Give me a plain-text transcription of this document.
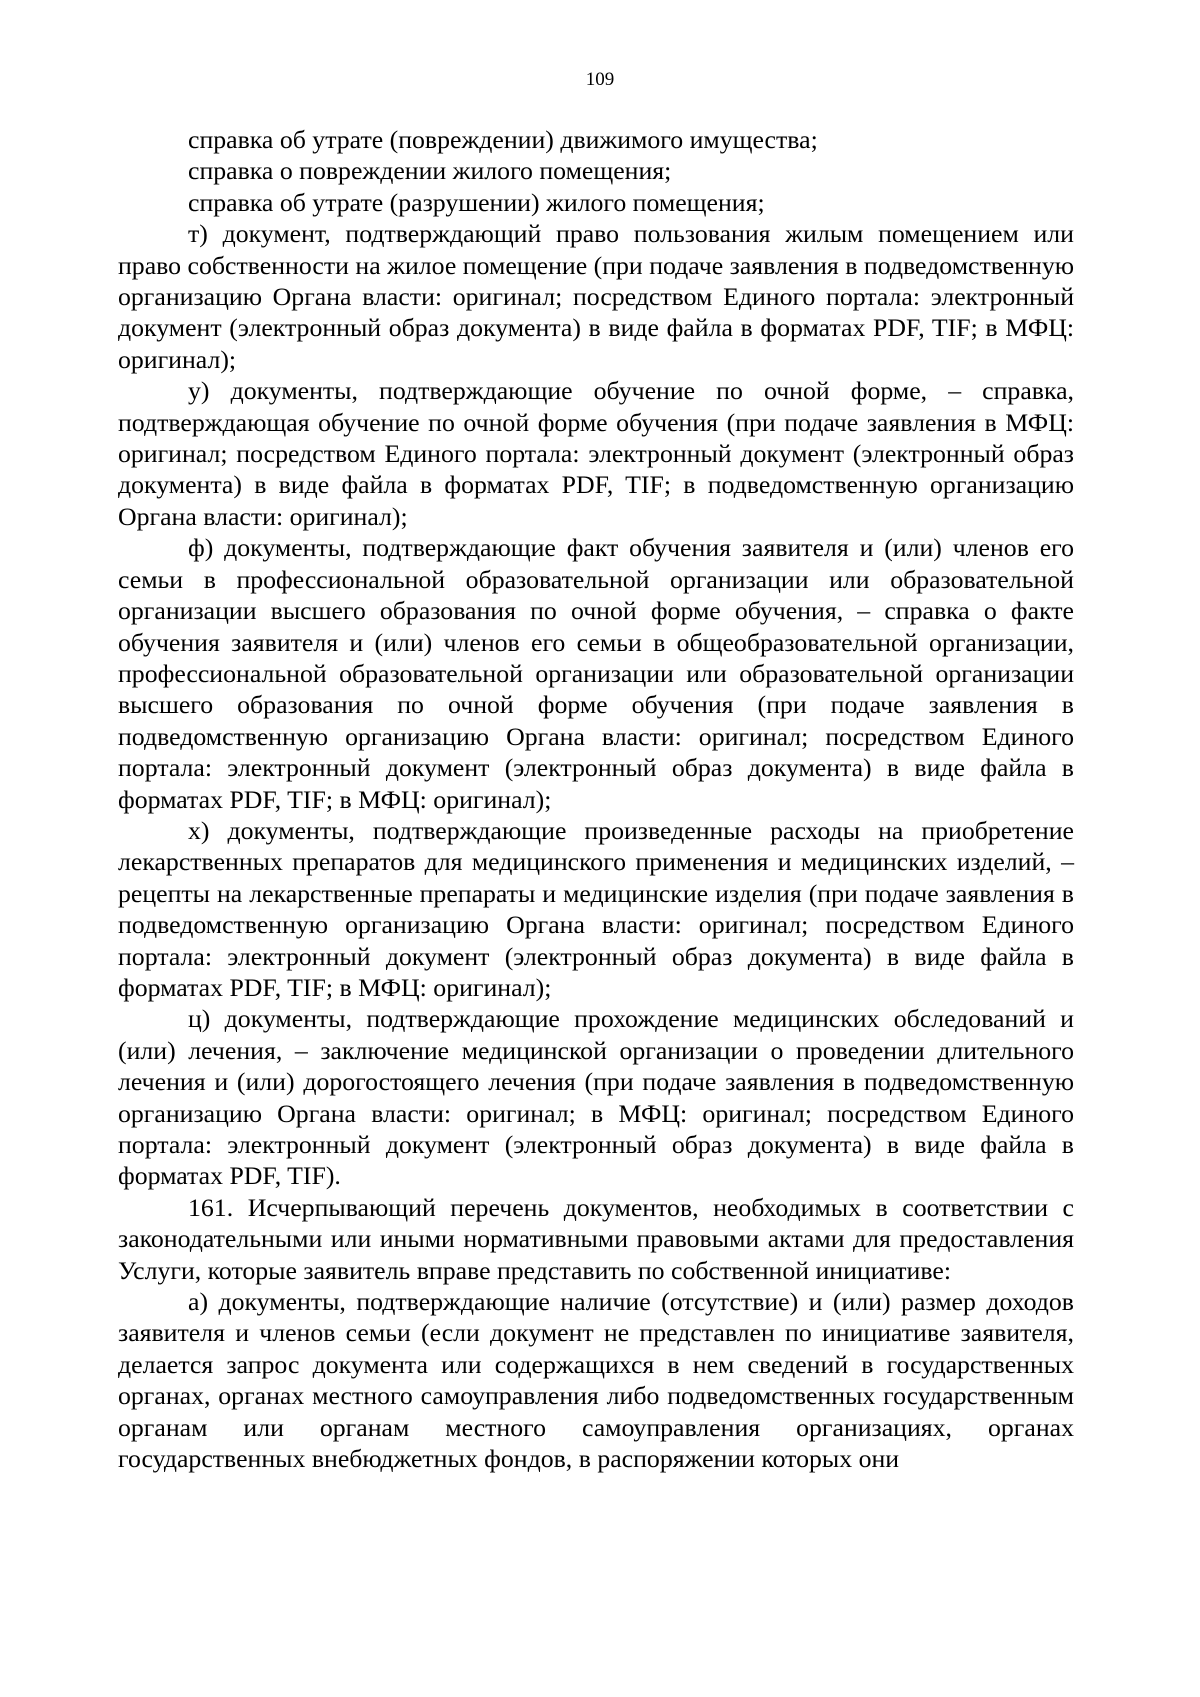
109

справка об утрате (повреждении) движимого имущества;

справка о повреждении жилого помещения;

справка об утрате (разрушении) жилого помещения;

т) документ, подтверждающий право пользования жилым помещением или право собственности на жилое помещение (при подаче заявления в подведомственную организацию Органа власти: оригинал; посредством Единого портала: электронный документ (электронный образ документа) в виде файла в форматах PDF, TIF; в МФЦ: оригинал);

у) документы, подтверждающие обучение по очной форме, – справка, подтверждающая обучение по очной форме обучения (при подаче заявления в МФЦ: оригинал; посредством Единого портала: электронный документ (электронный образ документа) в виде файла в форматах PDF, TIF; в подведомственную организацию Органа власти: оригинал);

ф) документы, подтверждающие факт обучения заявителя и (или) членов его семьи в профессиональной образовательной организации или образовательной организации высшего образования по очной форме обучения, – справка о факте обучения заявителя и (или) членов его семьи в общеобразовательной организации, профессиональной образовательной организации или образовательной организации высшего образования по очной форме обучения (при подаче заявления в подведомственную организацию Органа власти: оригинал; посредством Единого портала: электронный документ (электронный образ документа) в виде файла в форматах PDF, TIF; в МФЦ: оригинал);

х) документы, подтверждающие произведенные расходы на приобретение лекарственных препаратов для медицинского применения и медицинских изделий, – рецепты на лекарственные препараты и медицинские изделия (при подаче заявления в подведомственную организацию Органа власти: оригинал; посредством Единого портала: электронный документ (электронный образ документа) в виде файла в форматах PDF, TIF; в МФЦ: оригинал);

ц) документы, подтверждающие прохождение медицинских обследований и (или) лечения, – заключение медицинской организации о проведении длительного лечения и (или) дорогостоящего лечения (при подаче заявления в подведомственную организацию Органа власти: оригинал; в МФЦ: оригинал; посредством Единого портала: электронный документ (электронный образ документа) в виде файла в форматах PDF, TIF).

161. Исчерпывающий перечень документов, необходимых в соответствии с законодательными или иными нормативными правовыми актами для предоставления Услуги, которые заявитель вправе представить по собственной инициативе:

а) документы, подтверждающие наличие (отсутствие) и (или) размер доходов заявителя и членов семьи (если документ не представлен по инициативе заявителя, делается запрос документа или содержащихся в нем сведений в государственных органах, органах местного самоуправления либо подведомственных государственным органам или органам местного самоуправления организациях, органах государственных внебюджетных фондов, в распоряжении которых они
